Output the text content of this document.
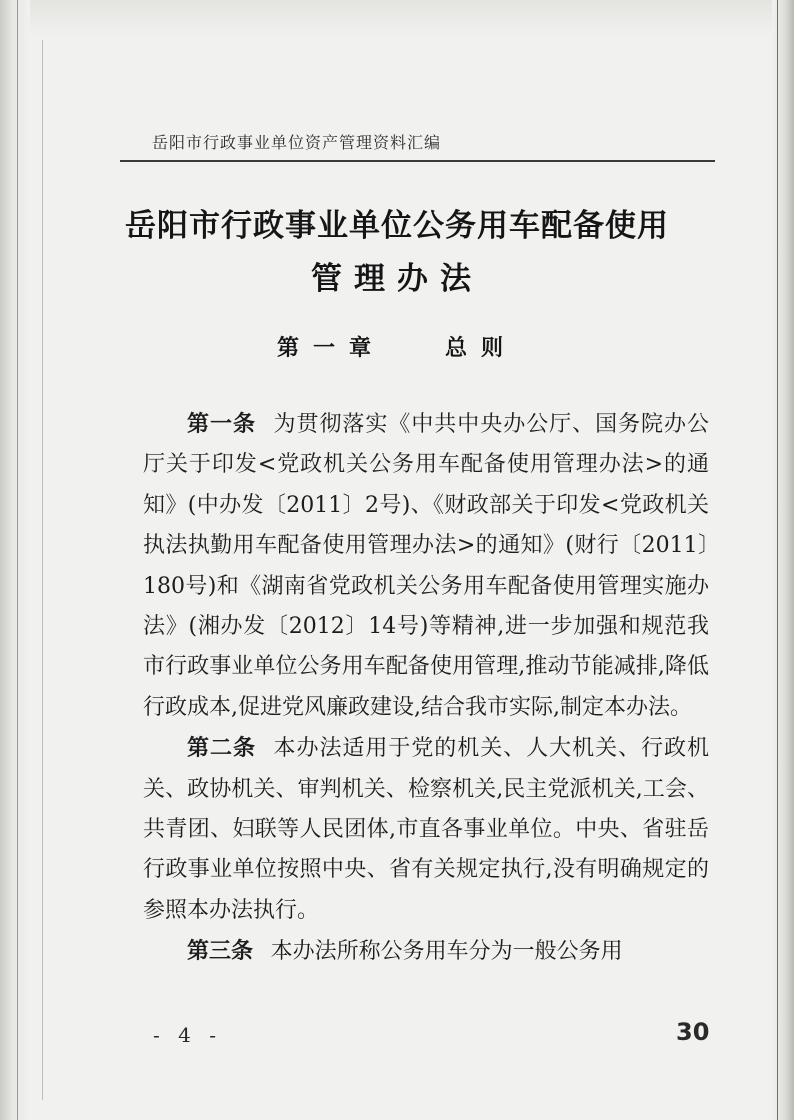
岳阳市行政事业单位资产管理资料汇编
岳阳市行政事业单位公务用车配备使用
管理办法
第一章	总则

第一条 为贯彻落实《中共中央办公厅、国务院办公厅关于印发<党政机关公务用车配备使用管理办法>的通知》(中办发〔2011〕2号)、《财政部关于印发<党政机关执法执勤用车配备使用管理办法>的通知》(财行〔2011〕180号)和《湖南省党政机关公务用车配备使用管理实施办法》(湘办发〔2012〕14号)等精神,进一步加强和规范我市行政事业单位公务用车配备使用管理,推动节能减排,降低行政成本,促进党风廉政建设,结合我市实际,制定本办法。

第二条 本办法适用于党的机关、人大机关、行政机关、政协机关、审判机关、检察机关,民主党派机关,工会、共青团、妇联等人民团体,市直各事业单位。中央、省驻岳行政事业单位按照中央、省有关规定执行,没有明确规定的参照本办法执行。

第三条 本办法所称公务用车分为一般公务用

- 4 -	30
